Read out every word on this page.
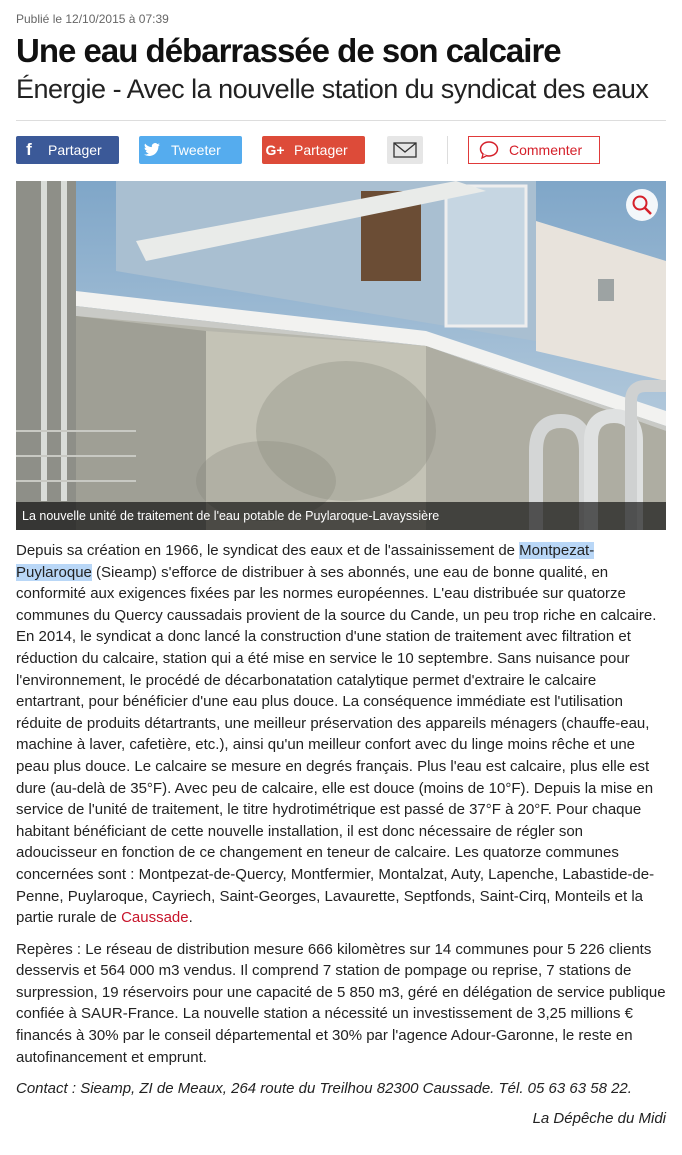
Publié le 12/10/2015 à 07:39
Une eau débarrassée de son calcaire
Énergie - Avec la nouvelle station du syndicat des eaux
f	Partager	Tweeter	G+ Partager	Commenter
La nouvelle unité de traitement de l'eau potable de Puylaroque-Lavayssière

Depuis sa création en 1966, le syndicat des eaux et de l'assainissement de Montpezat-Puylaroque (Sieamp) s'efforce de distribuer à ses abonnés, une eau de bonne qualité, en conformité aux exigences fixées par les normes européennes. L'eau distribuée sur quatorze communes du Quercy caussadais provient de la source du Cande, un peu trop riche en calcaire. En 2014, le syndicat a donc lancé la construction d'une station de traitement avec filtration et réduction du calcaire, station qui a été mise en service le 10 septembre. Sans nuisance pour l'environnement, le procédé de décarbonatation catalytique permet d'extraire le calcaire entartrant, pour bénéficier d'une eau plus douce. La conséquence immédiate est l'utilisation réduite de produits détartrants, une meilleur préservation des appareils ménagers (chauffe-eau, machine à laver, cafetière, etc.), ainsi qu'un meilleur confort avec du linge moins rêche et une peau plus douce. Le calcaire se mesure en degrés français. Plus l'eau est calcaire, plus elle est dure (au-delà de 35°F). Avec peu de calcaire, elle est douce (moins de 10°F). Depuis la mise en service de l'unité de traitement, le titre hydrotimétrique est passé de 37°F à 20°F. Pour chaque habitant bénéficiant de cette nouvelle installation, il est donc nécessaire de régler son adoucisseur en fonction de ce changement en teneur de calcaire. Les quatorze communes concernées sont : Montpezat-de-Quercy, Montfermier, Montalzat, Auty, Lapenche, Labastide-de-Penne, Puylaroque, Cayriech, Saint-Georges, Lavaurette, Septfonds, Saint-Cirq, Monteils et la partie rurale de Caussade.

Repères : Le réseau de distribution mesure 666 kilomètres sur 14 communes pour 5 226 clients desservis et 564 000 m3 vendus. Il comprend 7 station de pompage ou reprise, 7 stations de surpression, 19 réservoirs pour une capacité de 5 850 m3, géré en délégation de service publique confiée à SAUR-France. La nouvelle station a nécessité un investissement de 3,25 millions € financés à 30% par le conseil départemental et 30% par l'agence Adour-Garonne, le reste en autofinancement et emprunt.

Contact : Sieamp, ZI de Meaux, 264 route du Treilhou 82300 Caussade. Tél. 05 63 63 58 22.

La Dépêche du Midi
